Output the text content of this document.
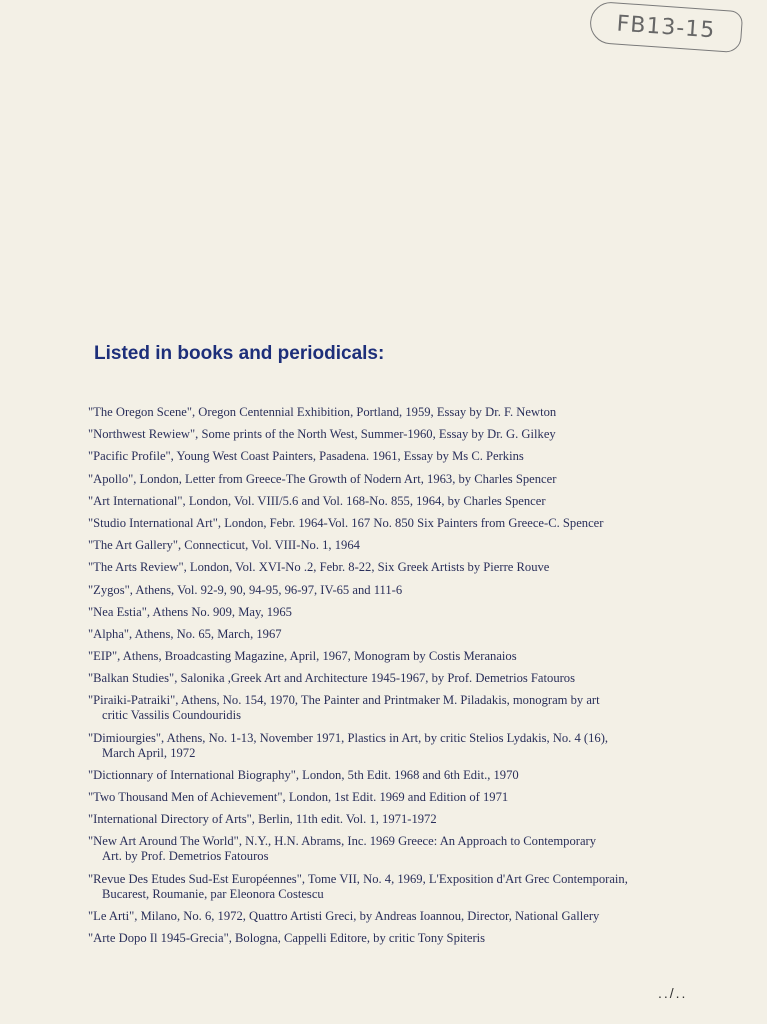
FB13-15
Listed in books and periodicals:
"The Oregon Scene", Oregon Centennial Exhibition, Portland, 1959, Essay by Dr. F. Newton
"Northwest Rewiew", Some prints of the North West, Summer-1960, Essay by Dr. G. Gilkey
"Pacific Profile", Young West Coast Painters, Pasadena. 1961, Essay by Ms C. Perkins
"Apollo", London, Letter from Greece-The Growth of Nodern Art, 1963, by Charles Spencer
"Art International", London, Vol. VIII/5.6 and Vol. 168-No. 855, 1964, by Charles Spencer
"Studio International Art", London, Febr. 1964-Vol. 167 No. 850 Six Painters from Greece-C. Spencer
"The Art Gallery", Connecticut, Vol. VIII-No. 1, 1964
"The Arts Review", London, Vol. XVI-No .2, Febr. 8-22, Six Greek Artists by Pierre Rouve
"Zygos", Athens, Vol. 92-9, 90, 94-95, 96-97, IV-65 and 111-6
"Nea Estia", Athens No. 909, May, 1965
"Alpha", Athens, No. 65, March, 1967
"EIP", Athens, Broadcasting Magazine, April, 1967, Monogram by Costis Meranaios
"Balkan Studies", Salonika ,Greek Art and Architecture 1945-1967, by Prof. Demetrios Fatouros
"Piraiki-Patraiki", Athens, No. 154, 1970, The Painter and Printmaker M. Piladakis, monogram by art
critic Vassilis Coundouridis
"Dimiourgies", Athens, No. 1-13, November 1971, Plastics in Art, by critic Stelios Lydakis, No. 4 (16),
March April, 1972
"Dictionnary of International Biography", London, 5th Edit. 1968 and 6th Edit., 1970
"Two Thousand Men of Achievement", London, 1st Edit. 1969 and Edition of 1971
"International Directory of Arts", Berlin, 11th edit. Vol. 1, 1971-1972
"New Art Around The World", N.Y., H.N. Abrams, Inc. 1969 Greece: An Approach to Contemporary
Art. by Prof. Demetrios Fatouros
"Revue Des Etudes Sud-Est Européennes", Tome VII, No. 4, 1969, L'Exposition d'Art Grec Contemporain,
Bucarest, Roumanie, par Eleonora Costescu
"Le Arti", Milano, No. 6, 1972, Quattro Artisti Greci, by Andreas Ioannou, Director, National Gallery
"Arte Dopo Il 1945-Grecia", Bologna, Cappelli Editore, by critic Tony Spiteris
../..
